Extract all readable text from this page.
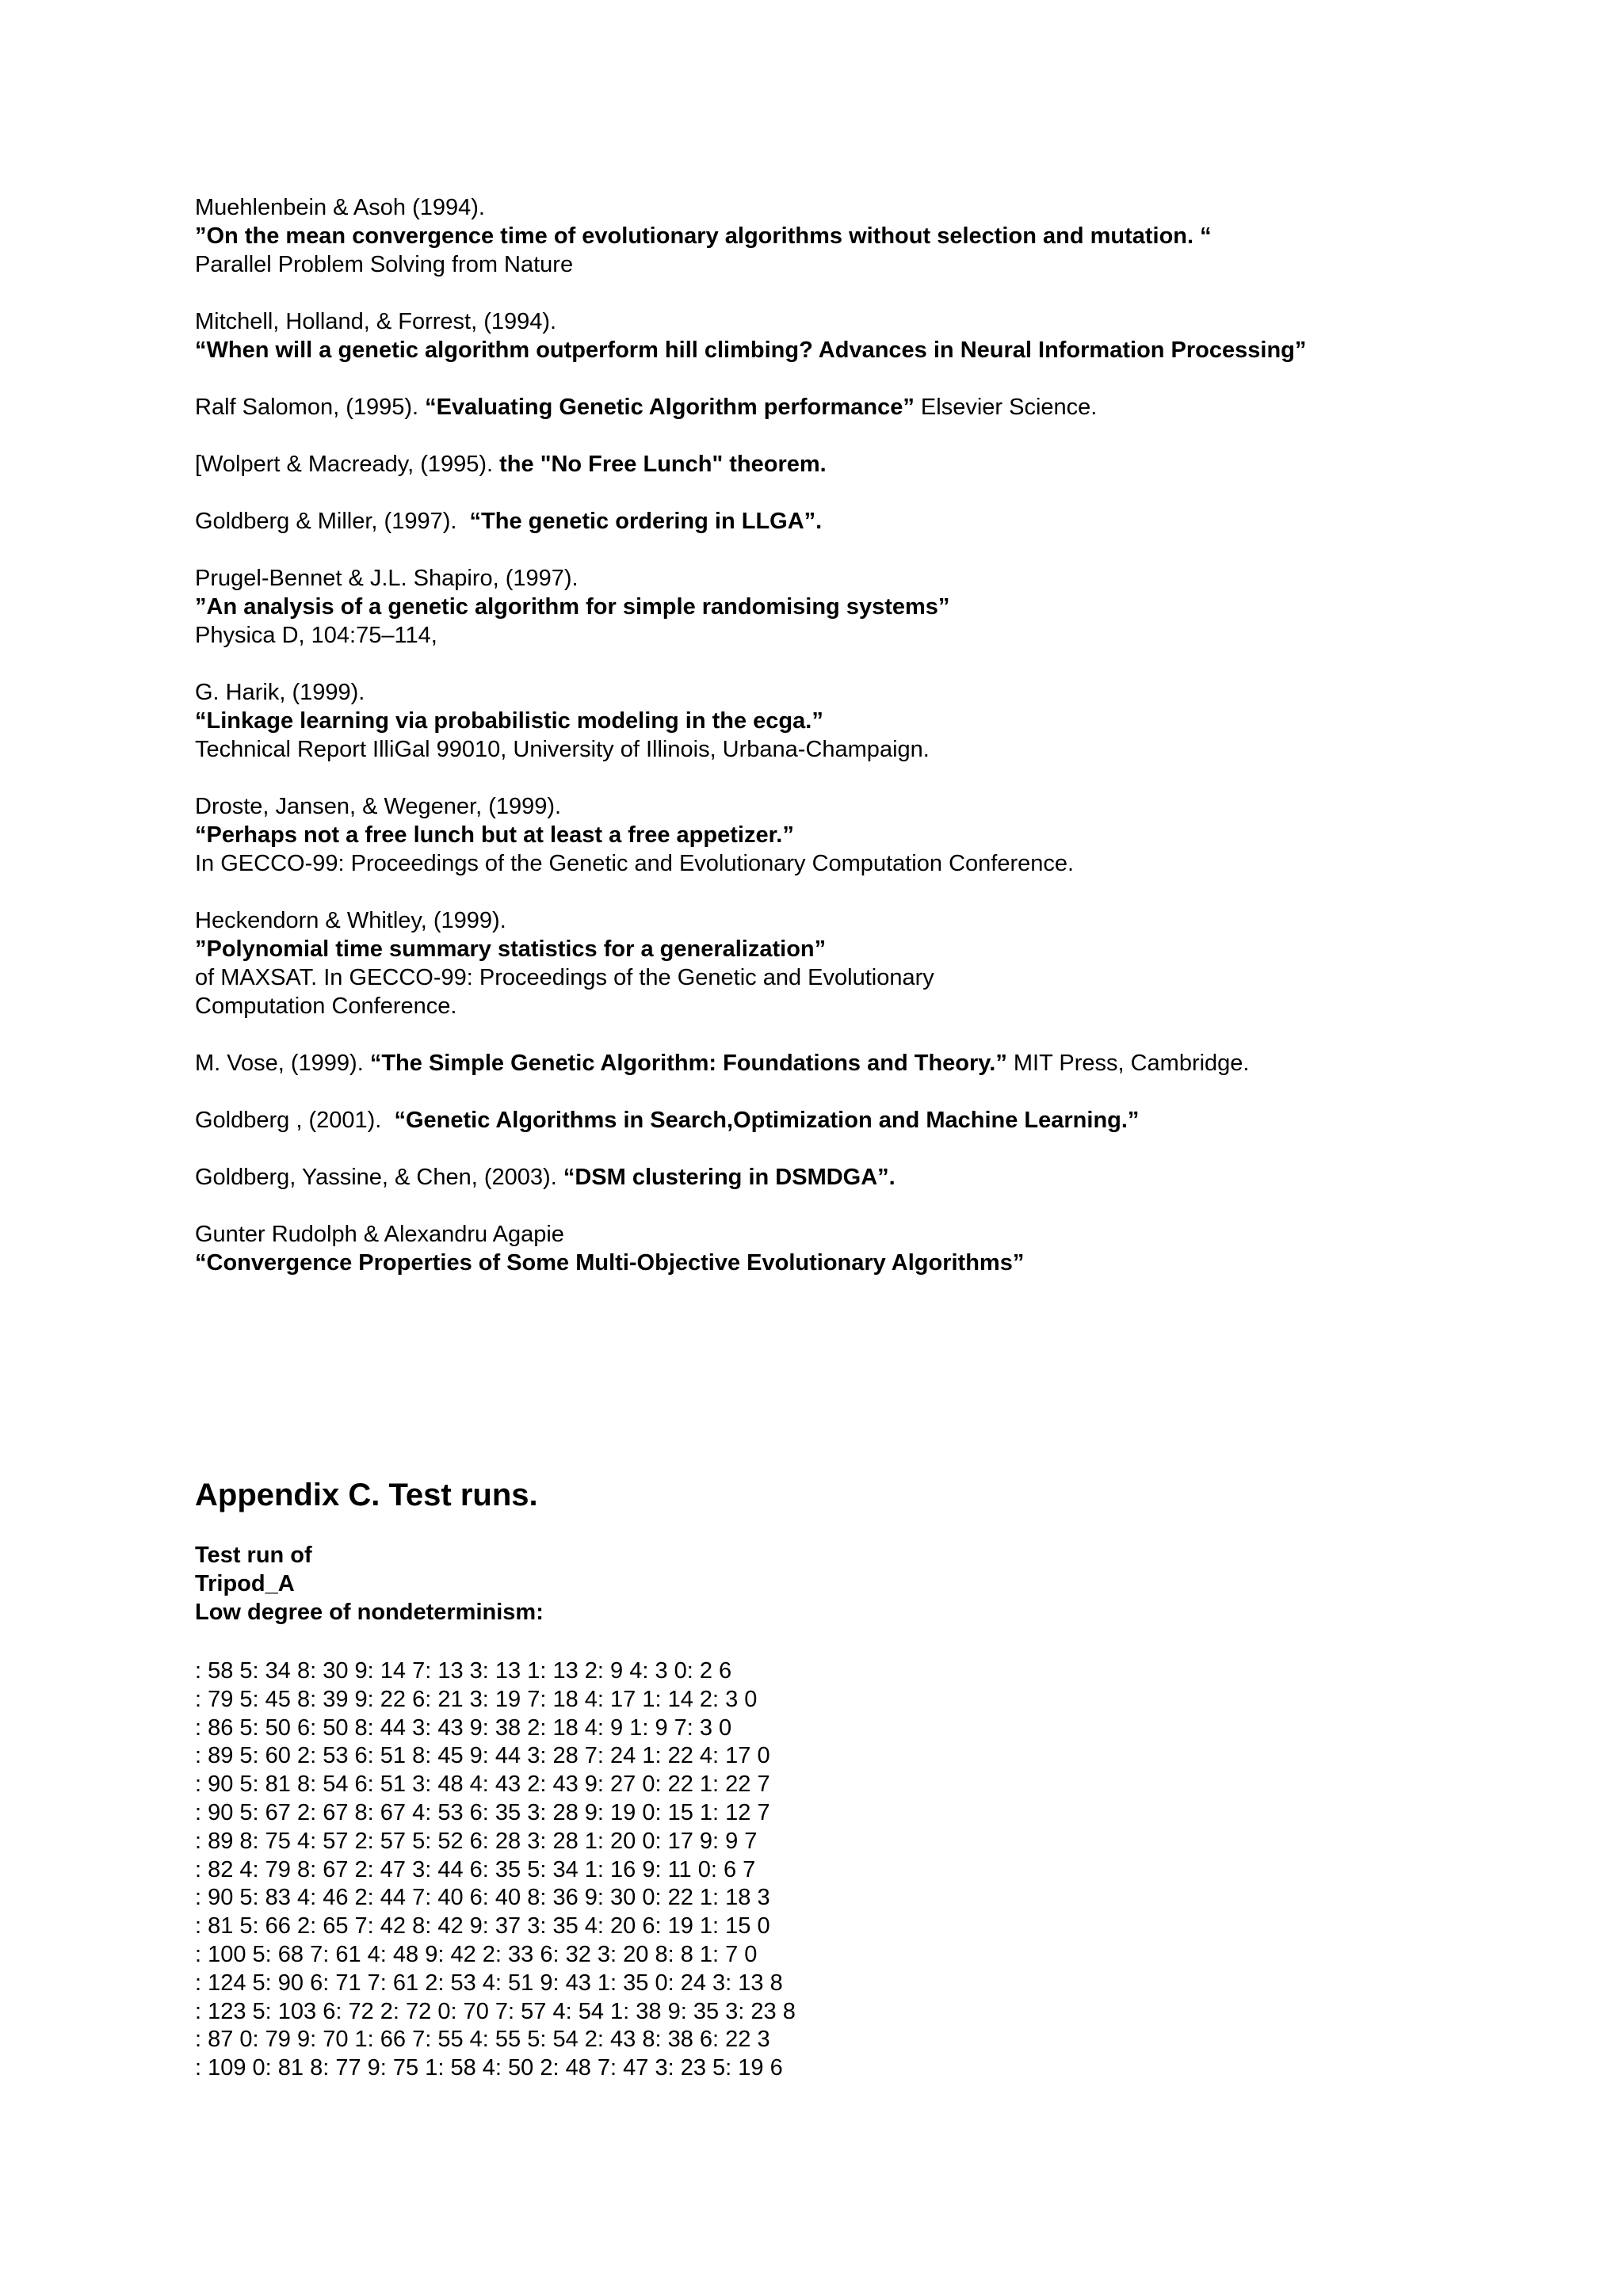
Muehlenbein & Asoh (1994).
”On the mean convergence time of evolutionary algorithms without selection and mutation. “
Parallel Problem Solving from Nature
Mitchell, Holland, & Forrest, (1994).
“When will a genetic algorithm outperform hill climbing? Advances in Neural Information Processing”
Ralf Salomon, (1995). “Evaluating Genetic Algorithm performance” Elsevier Science.
[Wolpert & Macready, (1995). the "No Free Lunch" theorem.
Goldberg & Miller, (1997).  “The genetic ordering in LLGA”.
Prugel-Bennet & J.L. Shapiro, (1997).
”An analysis of a genetic algorithm for simple randomising systems”
Physica D, 104:75–114,
G. Harik, (1999).
“Linkage learning via probabilistic modeling in the ecga.”
Technical Report IlliGal 99010, University of Illinois, Urbana-Champaign.
Droste, Jansen, & Wegener, (1999).
“Perhaps not a free lunch but at least a free appetizer.”
In GECCO-99: Proceedings of the Genetic and Evolutionary Computation Conference.
Heckendorn & Whitley, (1999).
”Polynomial time summary statistics for a generalization”
of MAXSAT. In GECCO-99: Proceedings of the Genetic and Evolutionary
Computation Conference.
M. Vose, (1999). “The Simple Genetic Algorithm: Foundations and Theory.” MIT Press, Cambridge.
Goldberg , (2001).  “Genetic Algorithms in Search,Optimization and Machine Learning.”
Goldberg, Yassine, & Chen, (2003). “DSM clustering in DSMDGA”.
Gunter Rudolph & Alexandru Agapie
“Convergence Properties of Some Multi-Objective Evolutionary Algorithms”
Appendix C. Test runs.
Test run of
Tripod_A
Low degree of nondeterminism:
: 58 5: 34 8: 30 9: 14 7: 13 3: 13 1: 13 2: 9 4: 3 0: 2 6
: 79 5: 45 8: 39 9: 22 6: 21 3: 19 7: 18 4: 17 1: 14 2: 3 0
: 86 5: 50 6: 50 8: 44 3: 43 9: 38 2: 18 4: 9 1: 9 7: 3 0
: 89 5: 60 2: 53 6: 51 8: 45 9: 44 3: 28 7: 24 1: 22 4: 17 0
: 90 5: 81 8: 54 6: 51 3: 48 4: 43 2: 43 9: 27 0: 22 1: 22 7
: 90 5: 67 2: 67 8: 67 4: 53 6: 35 3: 28 9: 19 0: 15 1: 12 7
: 89 8: 75 4: 57 2: 57 5: 52 6: 28 3: 28 1: 20 0: 17 9: 9 7
: 82 4: 79 8: 67 2: 47 3: 44 6: 35 5: 34 1: 16 9: 11 0: 6 7
: 90 5: 83 4: 46 2: 44 7: 40 6: 40 8: 36 9: 30 0: 22 1: 18 3
: 81 5: 66 2: 65 7: 42 8: 42 9: 37 3: 35 4: 20 6: 19 1: 15 0
: 100 5: 68 7: 61 4: 48 9: 42 2: 33 6: 32 3: 20 8: 8 1: 7 0
: 124 5: 90 6: 71 7: 61 2: 53 4: 51 9: 43 1: 35 0: 24 3: 13 8
: 123 5: 103 6: 72 2: 72 0: 70 7: 57 4: 54 1: 38 9: 35 3: 23 8
: 87 0: 79 9: 70 1: 66 7: 55 4: 55 5: 54 2: 43 8: 38 6: 22 3
: 109 0: 81 8: 77 9: 75 1: 58 4: 50 2: 48 7: 47 3: 23 5: 19 6
